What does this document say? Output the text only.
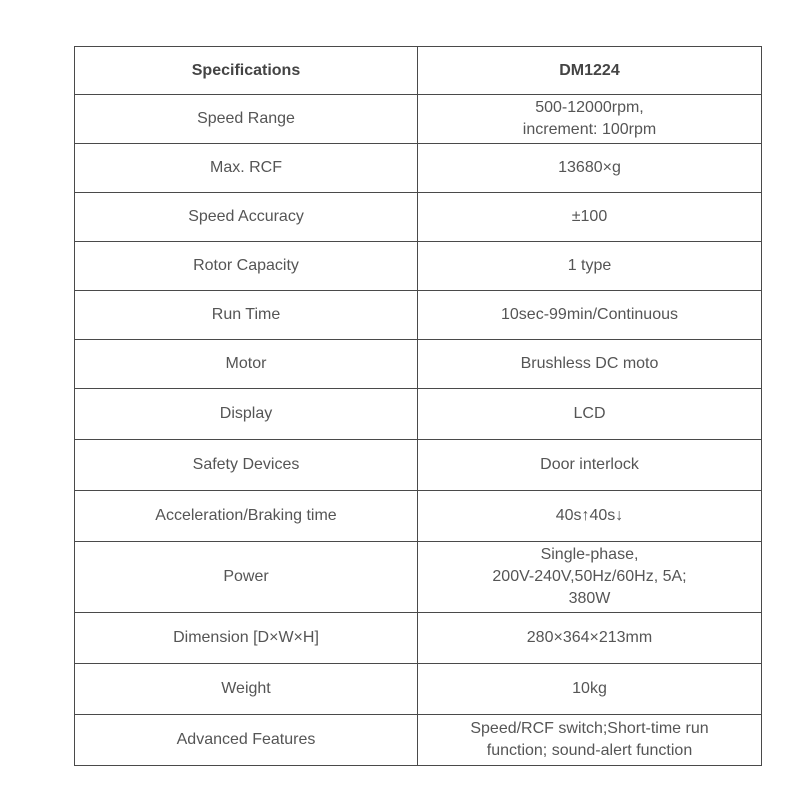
Specifications	DM1224
Speed Range	500-12000rpm,
increment: 100rpm

Max. RCF	13680×g

Speed Accuracy	±100

Rotor Capacity	1 type

Run Time	10sec-99min/Continuous

Motor	Brushless DC moto

Display	LCD

Safety Devices	Door interlock

Acceleration/Braking time	40s↑40s↓

Power	Single-phase,
200V-240V,50Hz/60Hz, 5A;
380W

Dimension [D×W×H]	280×364×213mm

Weight	10kg

Advanced Features	Speed/RCF switch;Short-time run
function; sound-alert function
